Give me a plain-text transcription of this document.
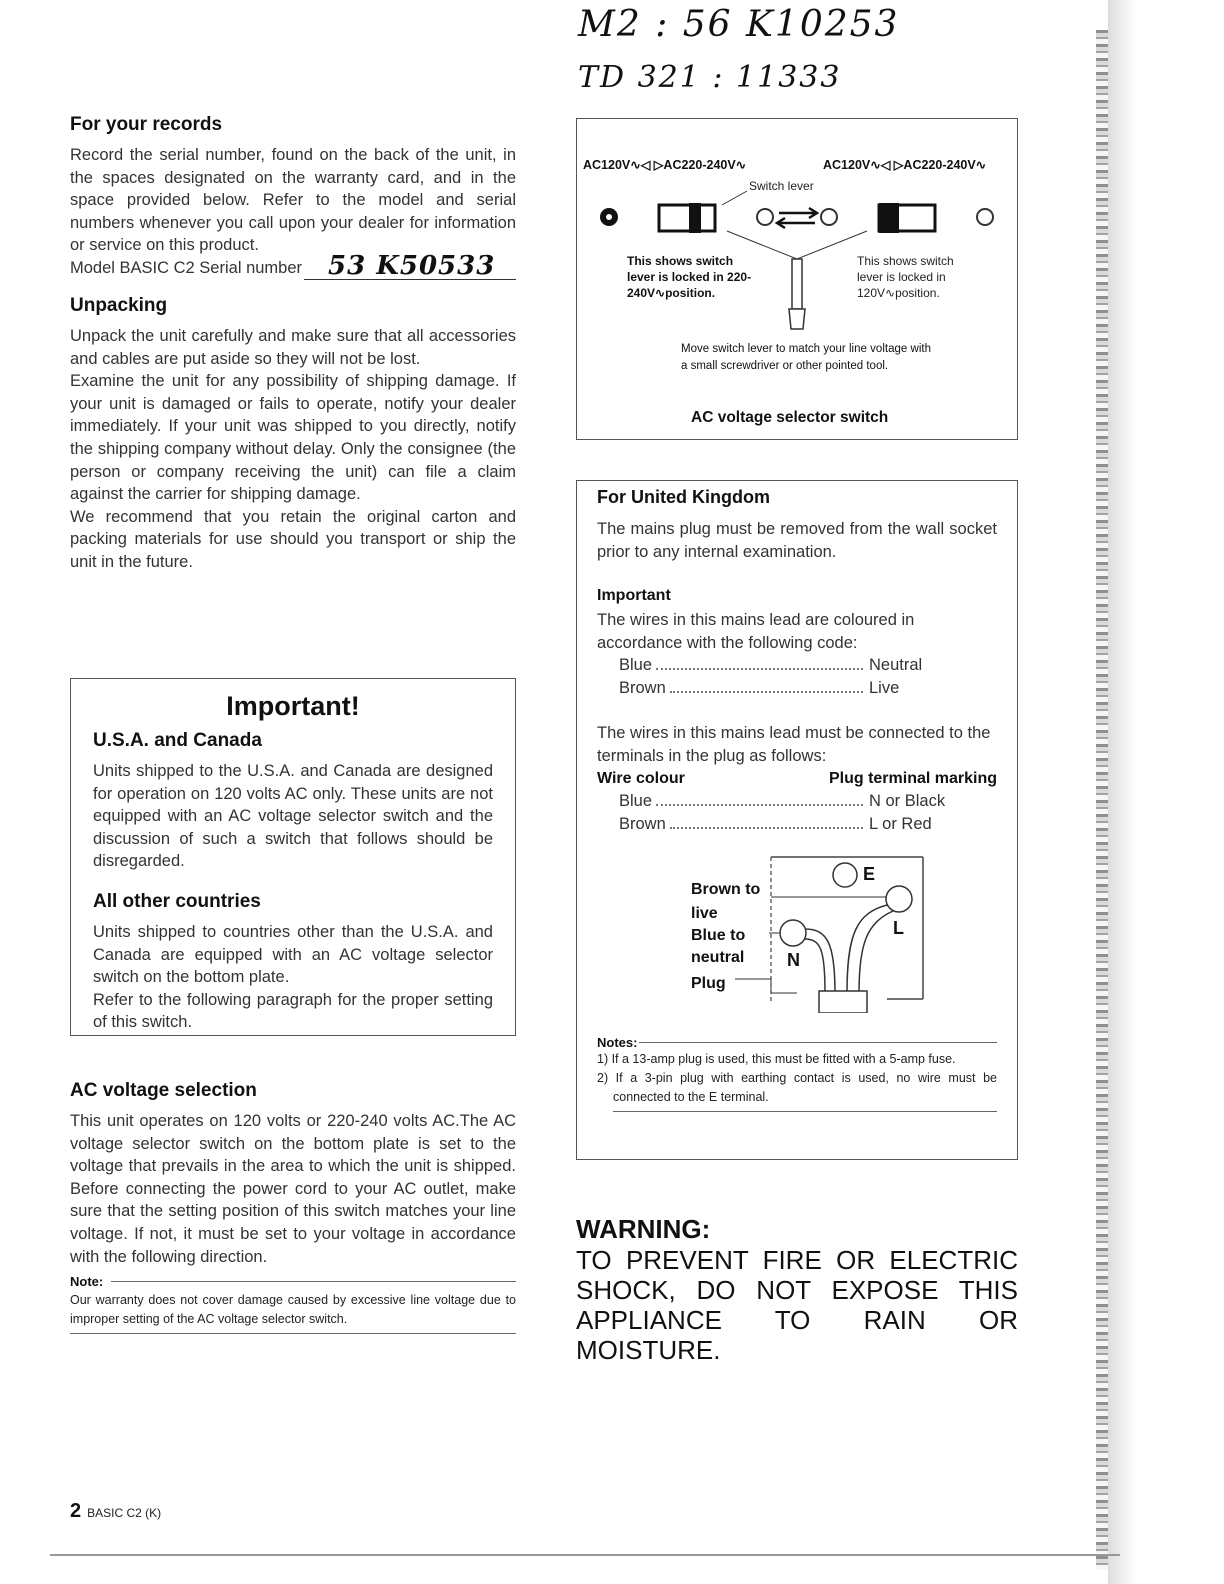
M2 : 56 K10253
TD 321 : 11333
For your records

Record the serial number, found on the back of the unit, in the spaces designated on the warranty card, and in the space provided below. Refer to the model and serial numbers whenever you call upon your dealer for information or service on this product.

Model BASIC C2 Serial number 53 K50533
Unpacking

Unpack the unit carefully and make sure that all accessories and cables are put aside so they will not be lost.

Examine the unit for any possibility of shipping damage. If your unit is damaged or fails to operate, notify your dealer immediately. If your unit was shipped to you directly, notify the shipping company without delay. Only the consignee (the person or company receiving the unit) can file a claim against the carrier for shipping damage.

We recommend that you retain the original carton and packing materials for use should you transport or ship the unit in the future.

Important!
U.S.A. and Canada

Units shipped to the U.S.A. and Canada are designed for operation on 120 volts AC only. These units are not equipped with an AC voltage selector switch and the discussion of such a switch that follows should be disregarded.

All other countries

Units shipped to countries other than the U.S.A. and Canada are equipped with an AC voltage selector switch on the bottom plate.

Refer to the following paragraph for the proper setting of this switch.

AC voltage selection

This unit operates on 120 volts or 220-240 volts AC.The AC voltage selector switch on the bottom plate is set to the voltage that prevails in the area to which the unit is shipped. Before connecting the power cord to your AC outlet, make sure that the setting position of this switch matches your line voltage. If not, it must be set to your voltage in accordance with the following direction.

Note:

Our warranty does not cover damage caused by excessive line voltage due to improper setting of the AC voltage selector switch.

AC120V∿◁ ▷AC220-240V∿	AC120V∿◁ ▷AC220-240V∿
Switch lever
This shows switch lever is locked in 220-240V∿position.
This shows switch lever is locked in 120V∿position.
Move switch lever to match your line voltage with a small screwdriver or other pointed tool.
AC voltage selector switch
For United Kingdom

The mains plug must be removed from the wall socket prior to any internal examination.

Important

The wires in this mains lead are coloured in accordance with the following code:

Blue	Neutral
Brown	Live

The wires in this mains lead must be connected to the terminals in the plug as follows:

Wire colour	Plug terminal marking
Blue	N or Black
Brown	L or Red
Brown to
live
Blue to
neutral
Plug
E
L
N
Notes:

1) If a 13-amp plug is used, this must be fitted with a 5-amp fuse.

2) If a 3-pin plug with earthing contact is used, no wire must be connected to the E terminal.

WARNING:
TO PREVENT FIRE OR ELECTRIC SHOCK, DO NOT EXPOSE THIS APPLIANCE TO RAIN OR MOISTURE.
2 BASIC C2 (K)
